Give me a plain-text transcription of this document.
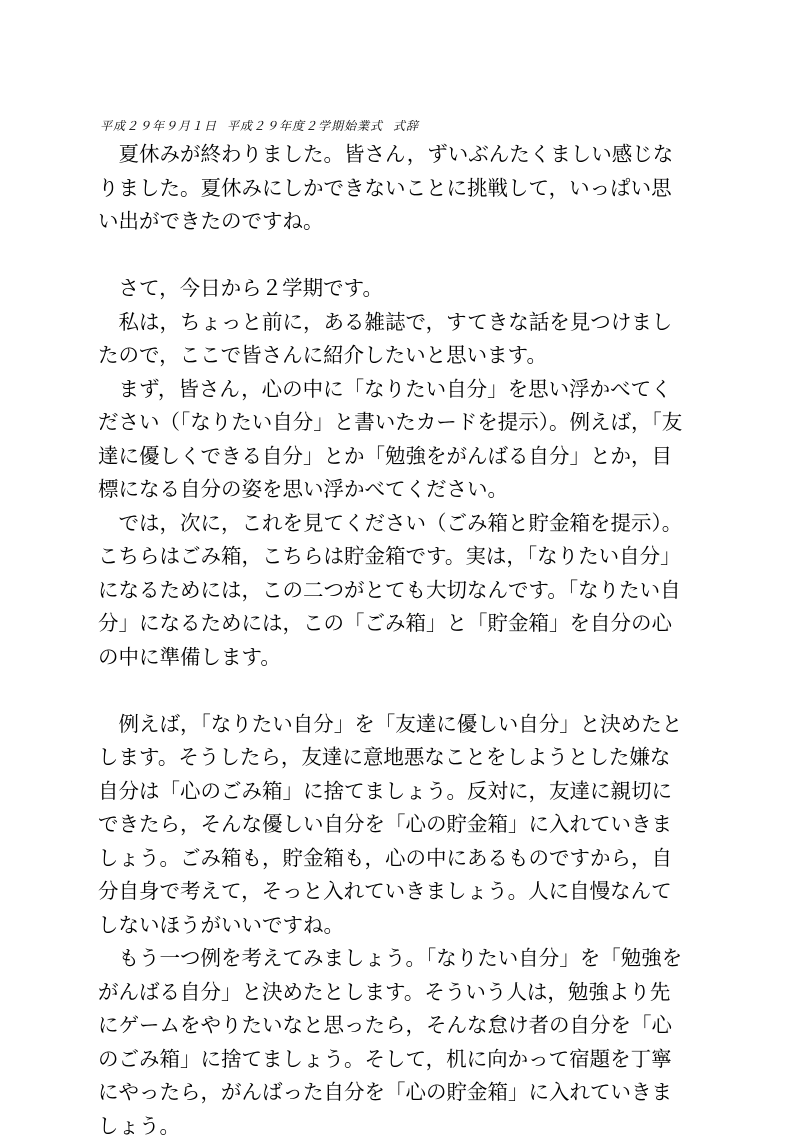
平成２９年９月１日 平成２９年度２学期始業式 式辞
　夏休みが終わりました。皆さん，ずいぶんたくましい感じな
りました。夏休みにしかできないことに挑戦して，いっぱい思
い出ができたのですね。
　さて，今日から２学期です。
　私は，ちょっと前に，ある雑誌で，すてきな話を見つけまし
たので，ここで皆さんに紹介したいと思います。
　まず，皆さん，心の中に「なりたい自分」を思い浮かべてく
ださい（「なりたい自分」と書いたカードを提示）。例えば，「友
達に優しくできる自分」とか「勉強をがんばる自分」とか，目
標になる自分の姿を思い浮かべてください。
　では，次に，これを見てください（ごみ箱と貯金箱を提示）。
こちらはごみ箱，こちらは貯金箱です。実は，「なりたい自分」
になるためには，この二つがとても大切なんです。「なりたい自
分」になるためには，この「ごみ箱」と「貯金箱」を自分の心
の中に準備します。
　例えば，「なりたい自分」を「友達に優しい自分」と決めたと
します。そうしたら，友達に意地悪なことをしようとした嫌な
自分は「心のごみ箱」に捨てましょう。反対に，友達に親切に
できたら，そんな優しい自分を「心の貯金箱」に入れていきま
しょう。ごみ箱も，貯金箱も，心の中にあるものですから，自
分自身で考えて，そっと入れていきましょう。人に自慢なんて
しないほうがいいですね。
　もう一つ例を考えてみましょう。「なりたい自分」を「勉強を
がんばる自分」と決めたとします。そういう人は，勉強より先
にゲームをやりたいなと思ったら，そんな怠け者の自分を「心
のごみ箱」に捨てましょう。そして，机に向かって宿題を丁寧
にやったら，がんばった自分を「心の貯金箱」に入れていきま
しょう。
